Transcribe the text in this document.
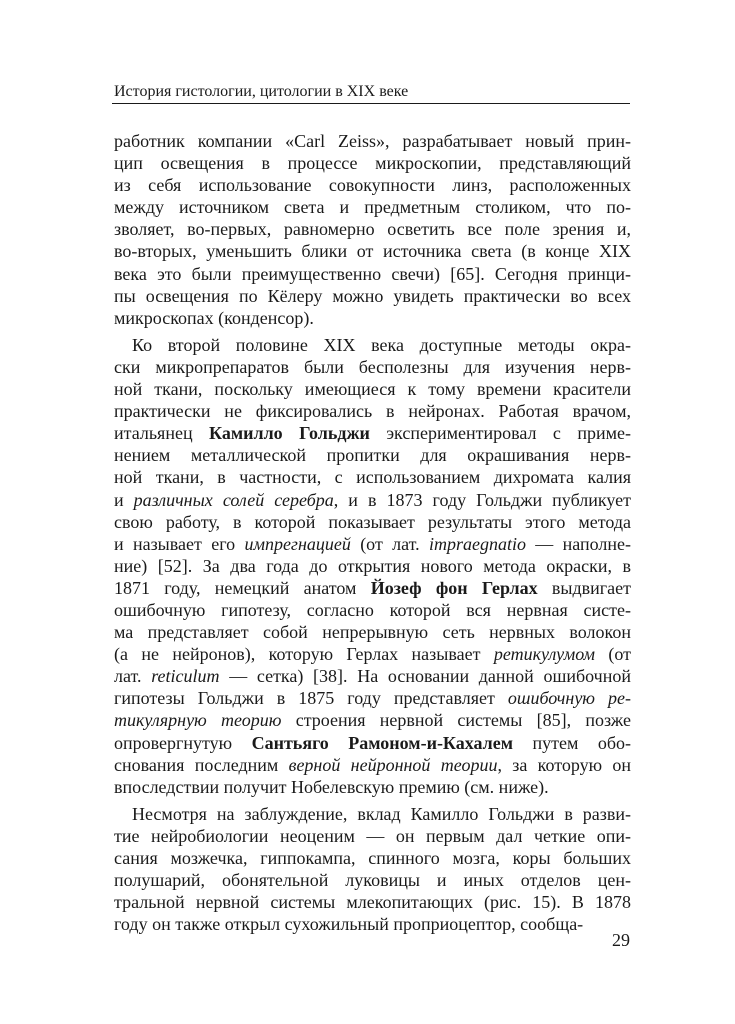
История гистологии, цитологии в XIX веке
работник компании «Carl Zeiss», разрабатывает новый прин-
цип освещения в процессе микроскопии, представляющий
из себя использование совокупности линз, расположенных
между источником света и предметным столиком, что по-
зволяет, во-первых, равномерно осветить все поле зрения и,
во-вторых, уменьшить блики от источника света (в конце XIX
века это были преимущественно свечи) [65]. Сегодня принци-
пы освещения по Кёлеру можно увидеть практически во всех
микроскопах (конденсор).
Ко второй половине XIX века доступные методы окра-
ски микропрепаратов были бесполезны для изучения нерв-
ной ткани, поскольку имеющиеся к тому времени красители
практически не фиксировались в нейронах. Работая врачом,
итальянец Камилло Гольджи экспериментировал с приме-
нением металлической пропитки для окрашивания нерв-
ной ткани, в частности, с использованием дихромата калия
и различных солей серебра, и в 1873 году Гольджи публикует
свою работу, в которой показывает результаты этого метода
и называет его импрегнацией (от лат. impraegnatio — наполне-
ние) [52]. За два года до открытия нового метода окраски, в
1871 году, немецкий анатом Йозеф фон Герлах выдвигает
ошибочную гипотезу, согласно которой вся нервная систе-
ма представляет собой непрерывную сеть нервных волокон
(а не нейронов), которую Герлах называет ретикулумом (от
лат. reticulum — сетка) [38]. На основании данной ошибочной
гипотезы Гольджи в 1875 году представляет ошибочную ре-
тикулярную теорию строения нервной системы [85], позже
опровергнутую Сантьяго Рамоном-и-Кахалем путем обо-
снования последним верной нейронной теории, за которую он
впоследствии получит Нобелевскую премию (см. ниже).
Несмотря на заблуждение, вклад Камилло Гольджи в разви-
тие нейробиологии неоценим — он первым дал четкие опи-
сания мозжечка, гиппокампа, спинного мозга, коры больших
полушарий, обонятельной луковицы и иных отделов цен-
тральной нервной системы млекопитающих (рис. 15). В 1878
году он также открыл сухожильный проприоцептор, сообща-
29
